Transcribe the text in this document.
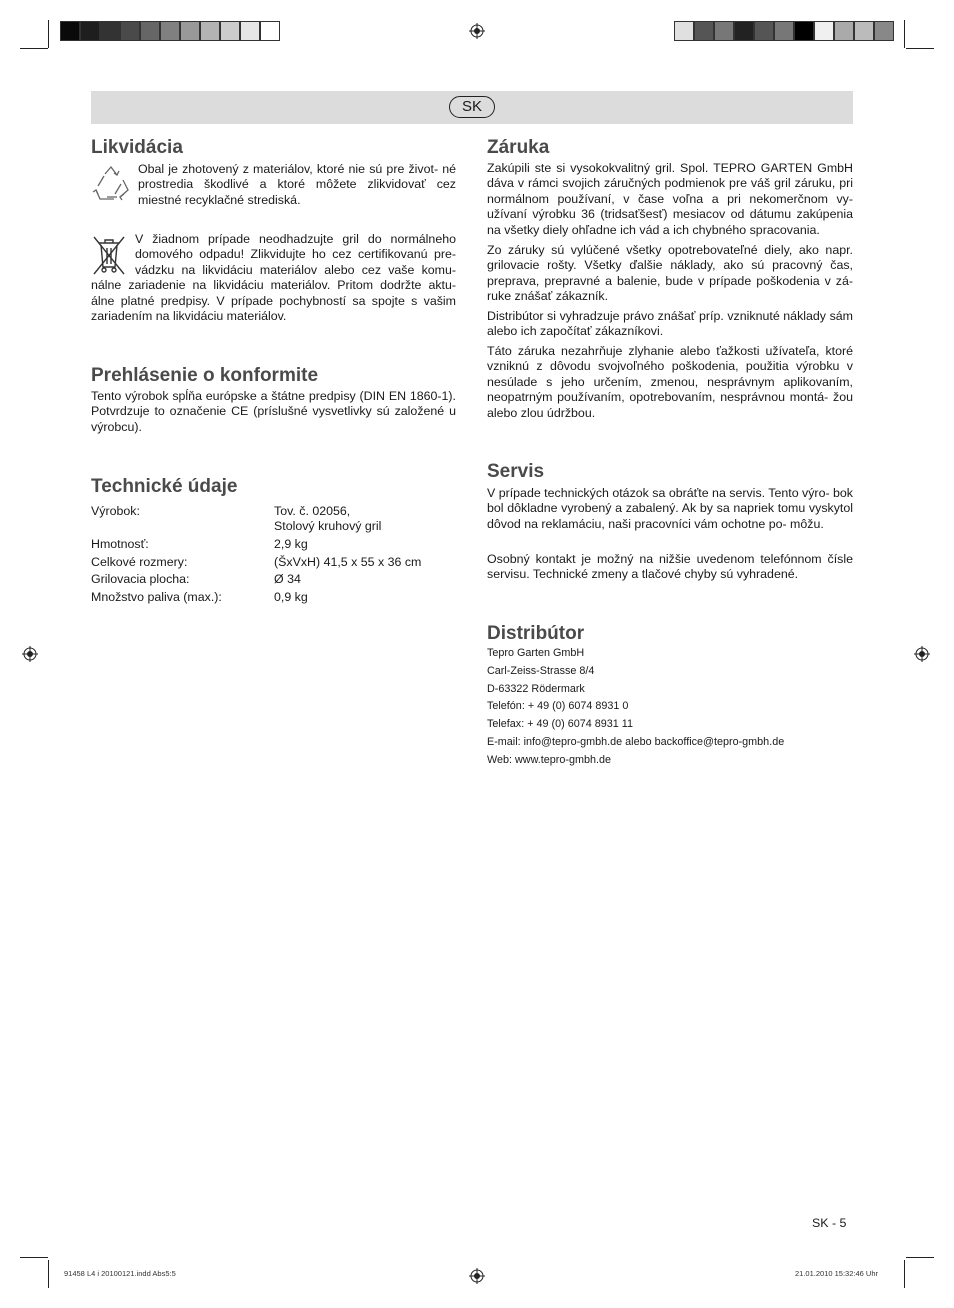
SK
Likvidácia

Obal je zhotovený z materiálov, ktoré nie sú pre život- né prostredia škodlivé a ktoré môžete zlikvidovať cez miestné recyklačné strediská.

V žiadnom prípade neodhadzujte gril do normálneho domového odpadu! Zlikvidujte ho cez certifikovanú pre- vádzku na likvidáciu materiálov alebo cez vaše komu- nálne zariadenie na likvidáciu materiálov. Pritom dodržte aktu- álne platné predpisy. V prípade pochybností sa spojte s vašim zariadením na likvidáciu materiálov.

Prehlásenie o konformite

Tento výrobok spĺňa európske a štátne predpisy (DIN EN 1860-1). Potvrdzuje to označenie CE (príslušné vysvetlivky sú založené u výrobcu).

Technické údaje
Výrobok:	Tov. č. 02056,
Stolový kruhový gril
Hmotnosť:	2,9 kg
Celkové rozmery:	(ŠxVxH) 41,5 x 55 x 36 cm
Grilovacia plocha:	Ø 34
Množstvo paliva (max.):	0,9 kg
Záruka

Zakúpili ste si vysokokvalitný gril. Spol. TEPRO GARTEN GmbH dáva v rámci svojich záručných podmienok pre váš gril záruku, pri normálnom používaní, v čase voľna a pri nekomerčnom vy- užívaní výrobku 36 (tridsaťšesť) mesiacov od dátumu zakúpenia na všetky diely ohľadne ich vád a ich chybného spracovania.

Zo záruky sú vylúčené všetky opotrebovateľné diely, ako napr. grilovacie rošty. Všetky ďalšie náklady, ako sú pracovný čas, preprava, prepravné a balenie, bude v prípade poškodenia v zá- ruke znášať zákazník.

Distribútor si vyhradzuje právo znášať príp. vzniknuté náklady sám alebo ich započítať zákazníkovi.

Táto záruka nezahrňuje zlyhanie alebo ťažkosti užívateľa, ktoré vzniknú z dôvodu svojvoľného poškodenia, použitia výrobku v nesúlade s jeho určením, zmenou, nesprávnym aplikovaním, neopatrným používaním, opotrebovaním, nesprávnou montá- žou alebo zlou údržbou.

Servis

V prípade technických otázok sa obráťte na servis. Tento výro- bok bol dôkladne vyrobený a zabalený. Ak by sa napriek tomu vyskytol dôvod na reklamáciu, naši pracovníci vám ochotne po- môžu.

Osobný kontakt je možný na nižšie uvedenom telefónnom čísle servisu. Technické zmeny a tlačové chyby sú vyhradené.

Distribútor
Tepro Garten GmbH
Carl-Zeiss-Strasse 8/4
D-63322 Rödermark
Telefón: + 49 (0) 6074 8931 0
Telefax: + 49 (0) 6074 8931 11
E-mail: info@tepro-gmbh.de alebo backoffice@tepro-gmbh.de
Web: www.tepro-gmbh.de
SK - 5
91458 L4 i 20100121.indd Abs5:5	21.01.2010 15:32:46 Uhr
